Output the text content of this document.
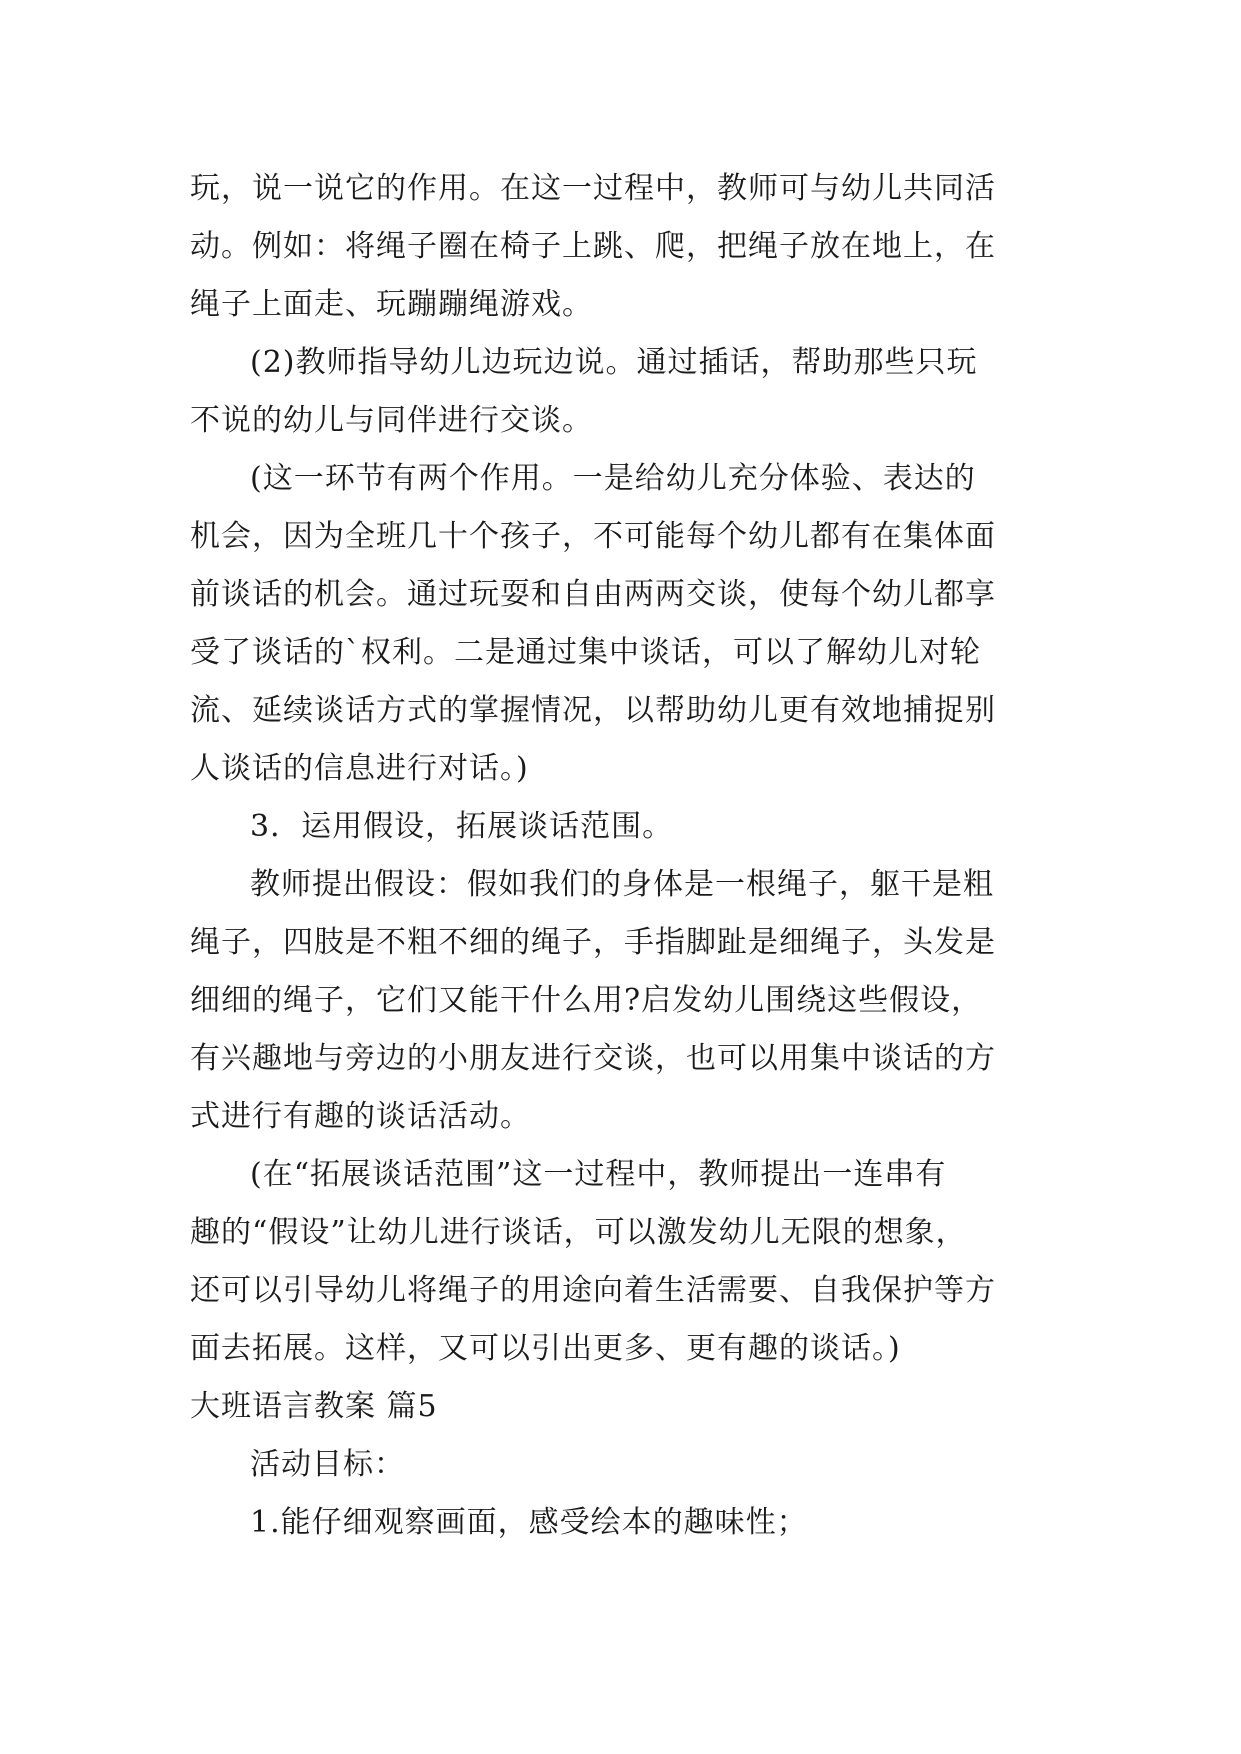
玩，说一说它的作用。在这一过程中，教师可与幼儿共同活
动。例如：将绳子圈在椅子上跳、爬，把绳子放在地上，在
绳子上面走、玩蹦蹦绳游戏。
(2)教师指导幼儿边玩边说。通过插话，帮助那些只玩
不说的幼儿与同伴进行交谈。
(这一环节有两个作用。一是给幼儿充分体验、表达的
机会，因为全班几十个孩子，不可能每个幼儿都有在集体面
前谈话的机会。通过玩耍和自由两两交谈，使每个幼儿都享
受了谈话的`权利。二是通过集中谈话，可以了解幼儿对轮
流、延续谈话方式的掌握情况，以帮助幼儿更有效地捕捉别
人谈话的信息进行对话。)
3．运用假设，拓展谈话范围。
教师提出假设：假如我们的身体是一根绳子，躯干是粗
绳子，四肢是不粗不细的绳子，手指脚趾是细绳子，头发是
细细的绳子，它们又能干什么用?启发幼儿围绕这些假设，
有兴趣地与旁边的小朋友进行交谈，也可以用集中谈话的方
式进行有趣的谈话活动。
(在“拓展谈话范围”这一过程中，教师提出一连串有
趣的“假设”让幼儿进行谈话，可以激发幼儿无限的想象，
还可以引导幼儿将绳子的用途向着生活需要、自我保护等方
面去拓展。这样，又可以引出更多、更有趣的谈话。)
大班语言教案 篇5
活动目标：
1.能仔细观察画面，感受绘本的趣味性；
